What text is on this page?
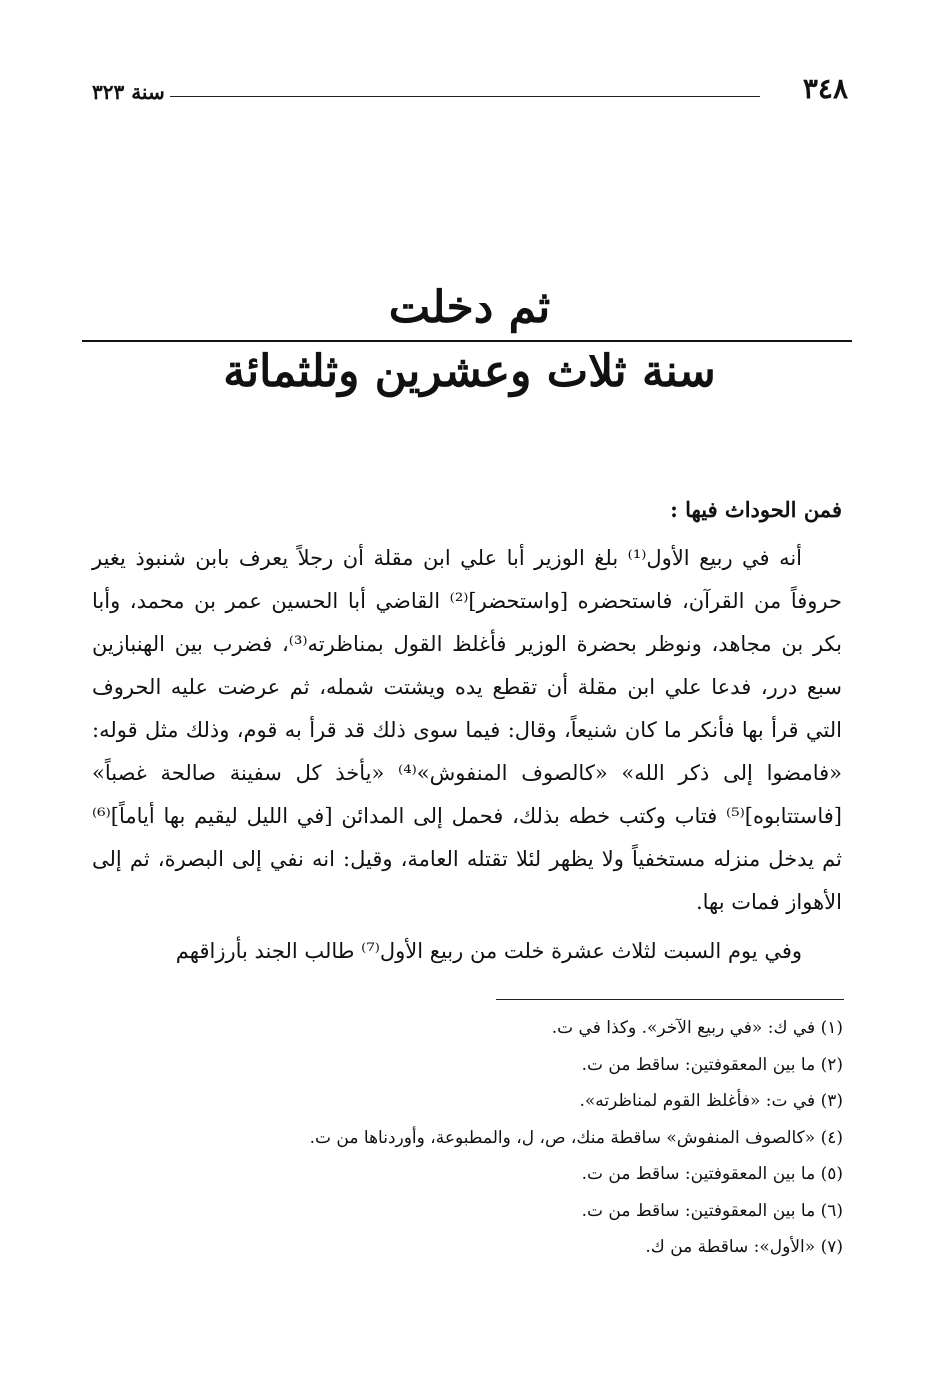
٣٤٨
سنة ٣٢٣
ثم دخلت
سنة ثلاث وعشرين وثلثمائة

فمن الحوداث فيها :

أنه في ربيع الأول⁽¹⁾ بلغ الوزير أبا علي ابن مقلة أن رجلاً يعرف بابن شنبوذ يغير حروفاً من القرآن، فاستحضره [واستحضر]⁽²⁾ القاضي أبا الحسين عمر بن محمد، وأبا بكر بن مجاهد، ونوظر بحضرة الوزير فأغلظ القول بمناظرته⁽³⁾، فضرب بين الهنبازين سبع درر، فدعا علي ابن مقلة أن تقطع يده ويشتت شمله، ثم عرضت عليه الحروف التي قرأ بها فأنكر ما كان شنيعاً، وقال: فيما سوى ذلك قد قرأ به قوم، وذلك مثل قوله: «فامضوا إلى ذكر الله» «كالصوف المنفوش»⁽⁴⁾ «يأخذ كل سفينة صالحة غصباً» [فاستتابوه]⁽⁵⁾ فتاب وكتب خطه بذلك، فحمل إلى المدائن [في الليل ليقيم بها أياماً]⁽⁶⁾ ثم يدخل منزله مستخفياً ولا يظهر لئلا تقتله العامة، وقيل: انه نفي إلى البصرة، ثم إلى الأهواز فمات بها.

وفي يوم السبت لثلاث عشرة خلت من ربيع الأول⁽⁷⁾ طالب الجند بأرزاقهم

(١) في ك: «في ربيع الآخر». وكذا في ت.
(٢) ما بين المعقوفتين: ساقط من ت.
(٣) في ت: «فأغلظ القوم لمناظرته».
(٤) «كالصوف المنفوش» ساقطة منك، ص، ل، والمطبوعة، وأوردناها من ت.
(٥) ما بين المعقوفتين: ساقط من ت.
(٦) ما بين المعقوفتين: ساقط من ت.
(٧) «الأول»: ساقطة من ك.
